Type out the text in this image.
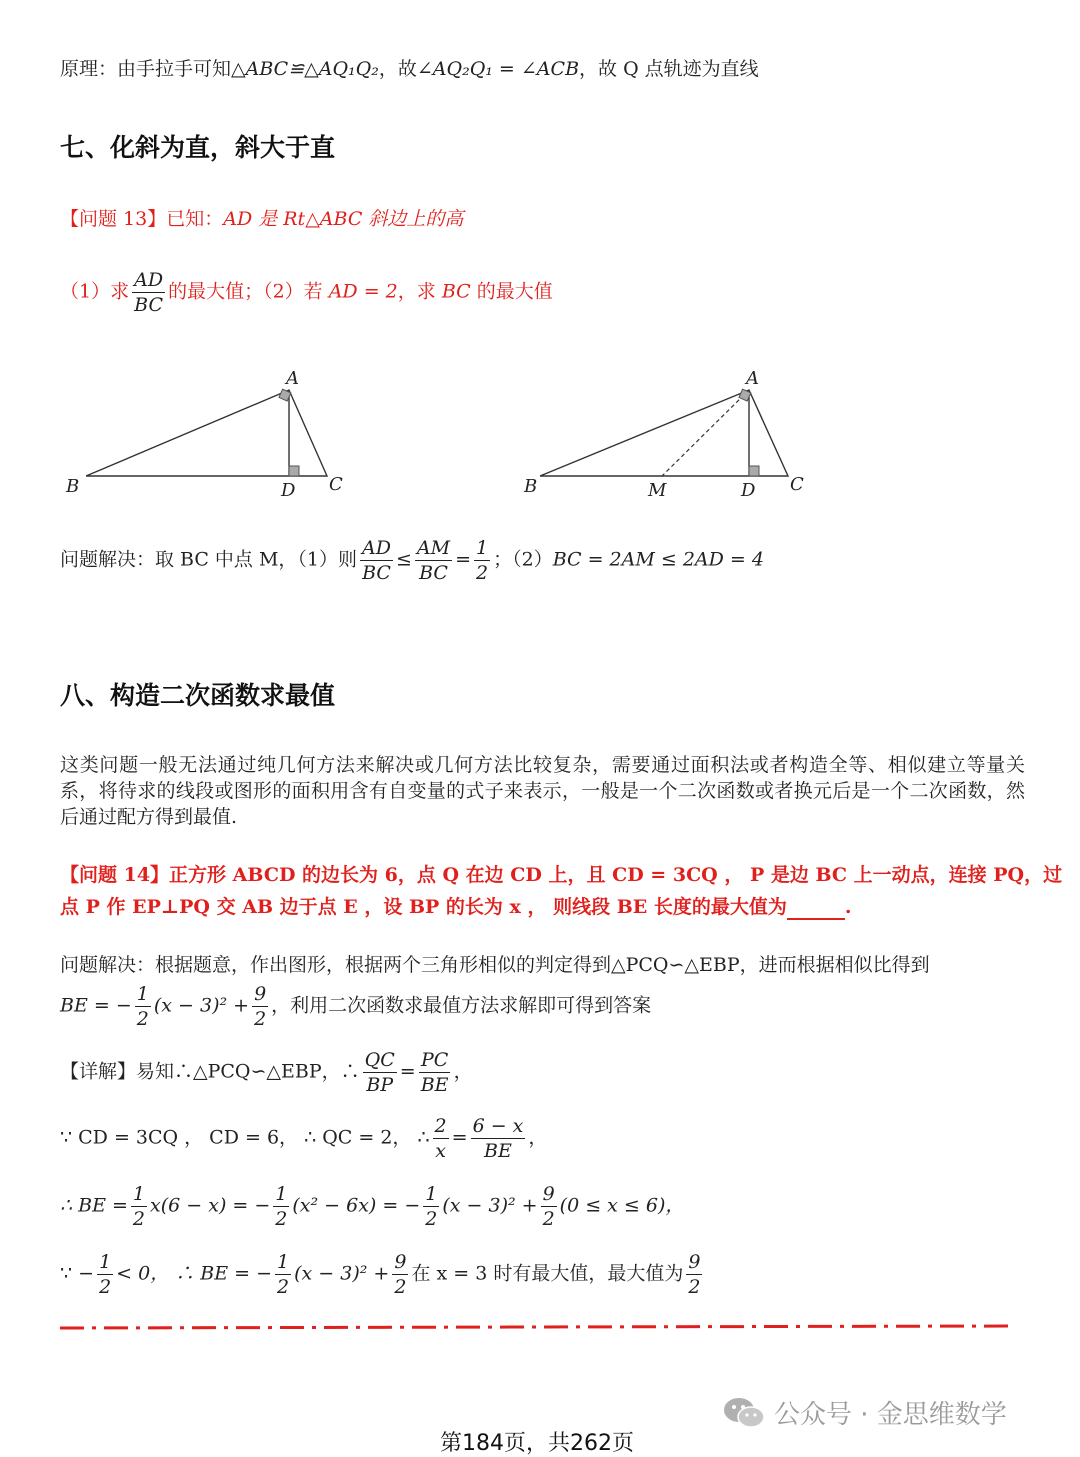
原理：由手拉手可知△ABC≌△AQ₁Q₂，故∠AQ₂Q₁ = ∠ACB，故 Q 点轨迹为直线
七、化斜为直，斜大于直
【问题 13】已知：AD 是 Rt△ABC 斜边上的高
（1）求 $\frac{AD}{BC}$ 的最大值；（2）若 AD = 2，求 BC 的最大值
A
B	D C
A
B	M	D C
问题解决：取 BC 中点 M，（1）则 $\frac{AD}{BC} \le \frac{AM}{BC} = \frac{1}{2}$ ；（2）BC = 2AM ≤ 2AD = 4
八、构造二次函数求最值
这类问题一般无法通过纯几何方法来解决或几何方法比较复杂，需要通过面积法或者构造全等、相似建立等量关系，将待求的线段或图形的面积用含有自变量的式子来表示，一般是一个二次函数或者换元后是一个二次函数，然后通过配方得到最值.
【问题 14】正方形 ABCD 的边长为 6，点 Q 在边 CD 上，且 CD = 3CQ ， P 是边 BC 上一动点，连接 PQ，过
点 P 作 EP⊥PQ 交 AB 边于点 E ，设 BP 的长为 x ， 则线段 BE 长度的最大值为	.
问题解决：根据题意，作出图形，根据两个三角形相似的判定得到△PCQ∽△EBP，进而根据相似比得到
BE = − $\frac{1}{2} (x - 3)^2 + \frac{9}{2}$ ，利用二次函数求最值方法求解即可得到答案
【详解】易知∴△PCQ∽△EBP，∴ $\frac{QC}{BP} = \frac{PC}{BE}$ ，
∵ CD = 3CQ ， CD = 6， ∴ QC = 2， ∴ $\frac{2}{x} = \frac{6 - x}{BE}$ ，
∴ BE = $\frac{1}{2} x(6 - x)$ = − $\frac{1}{2} (x^2 - 6x)$ = − $\frac{1}{2} (x - 3)^2 + \frac{9}{2} (0 \le x \le 6)$，
∵ − $\frac{1}{2} < 0$， ∴ BE = − $\frac{1}{2} (x - 3)^2 + \frac{9}{2}$ 在 x = 3 时有最大值，最大值为 $\frac{9}{2}$
公众号 · 金思维数学
第184页，共262页
